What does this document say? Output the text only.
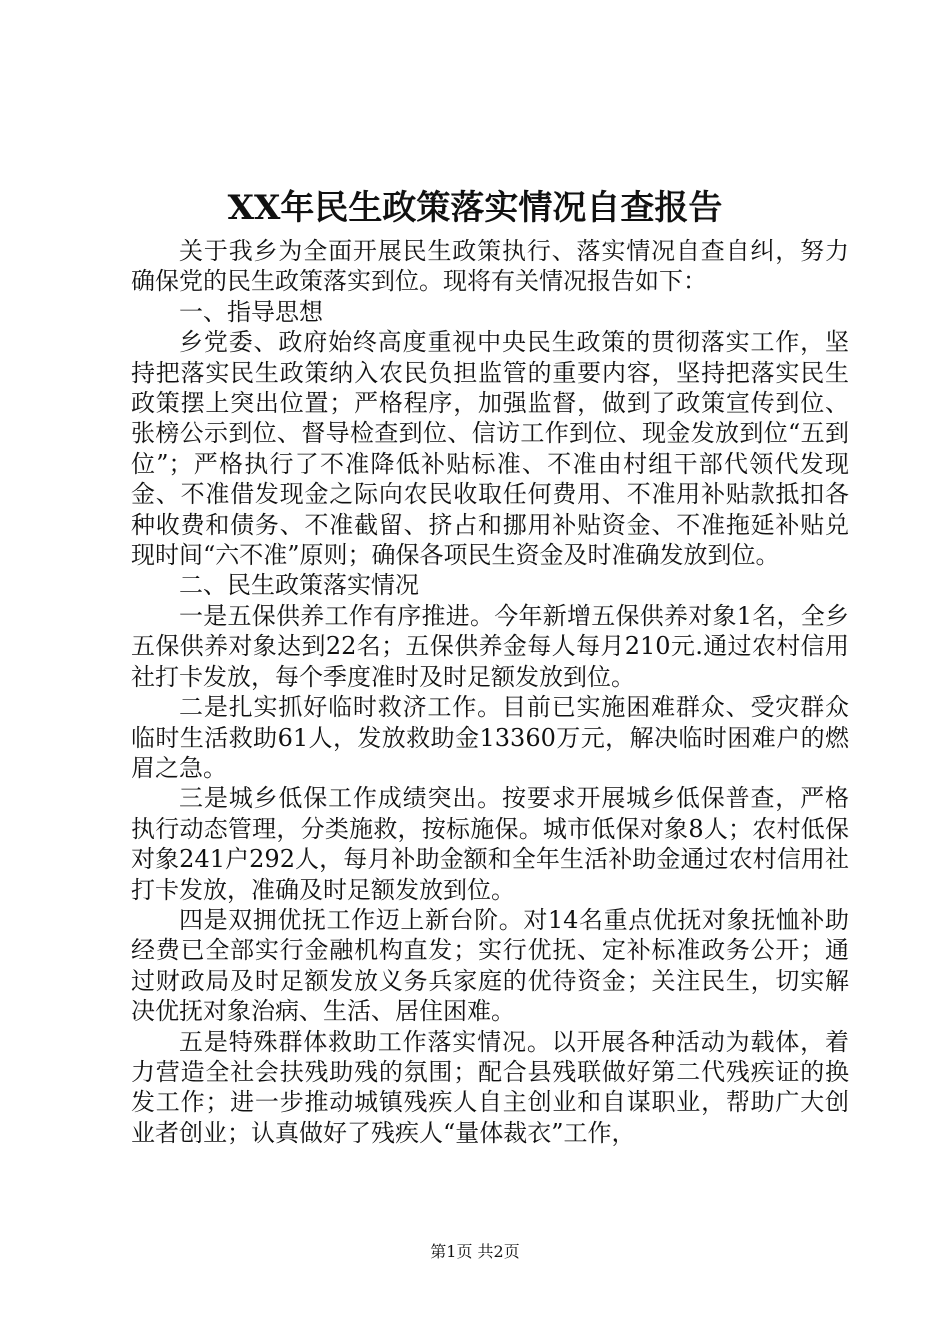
XX年民生政策落实情况自查报告

关于我乡为全面开展民生政策执行、落实情况自查自纠，努力确保党的民生政策落实到位。现将有关情况报告如下：

一、指导思想

乡党委、政府始终高度重视中央民生政策的贯彻落实工作，坚持把落实民生政策纳入农民负担监管的重要内容，坚持把落实民生政策摆上突出位置；严格程序，加强监督，做到了政策宣传到位、张榜公示到位、督导检查到位、信访工作到位、现金发放到位“五到位”；严格执行了不准降低补贴标准、不准由村组干部代领代发现金、不准借发现金之际向农民收取任何费用、不准用补贴款抵扣各种收费和债务、不准截留、挤占和挪用补贴资金、不准拖延补贴兑现时间“六不准”原则；确保各项民生资金及时准确发放到位。

二、民生政策落实情况

一是五保供养工作有序推进。今年新增五保供养对象1名，全乡五保供养对象达到22名；五保供养金每人每月210元.通过农村信用社打卡发放，每个季度准时及时足额发放到位。

二是扎实抓好临时救济工作。目前已实施困难群众、受灾群众临时生活救助61人，发放救助金13360万元，解决临时困难户的燃眉之急。

三是城乡低保工作成绩突出。按要求开展城乡低保普查，严格执行动态管理，分类施救，按标施保。城市低保对象8人；农村低保对象241户292人，每月补助金额和全年生活补助金通过农村信用社打卡发放，准确及时足额发放到位。

四是双拥优抚工作迈上新台阶。对14名重点优抚对象抚恤补助经费已全部实行金融机构直发；实行优抚、定补标准政务公开；通过财政局及时足额发放义务兵家庭的优待资金；关注民生，切实解决优抚对象治病、生活、居住困难。

五是特殊群体救助工作落实情况。以开展各种活动为载体，着力营造全社会扶残助残的氛围；配合县残联做好第二代残疾证的换发工作；进一步推动城镇残疾人自主创业和自谋职业，帮助广大创业者创业；认真做好了残疾人“量体裁衣”工作，

第1页 共2页
